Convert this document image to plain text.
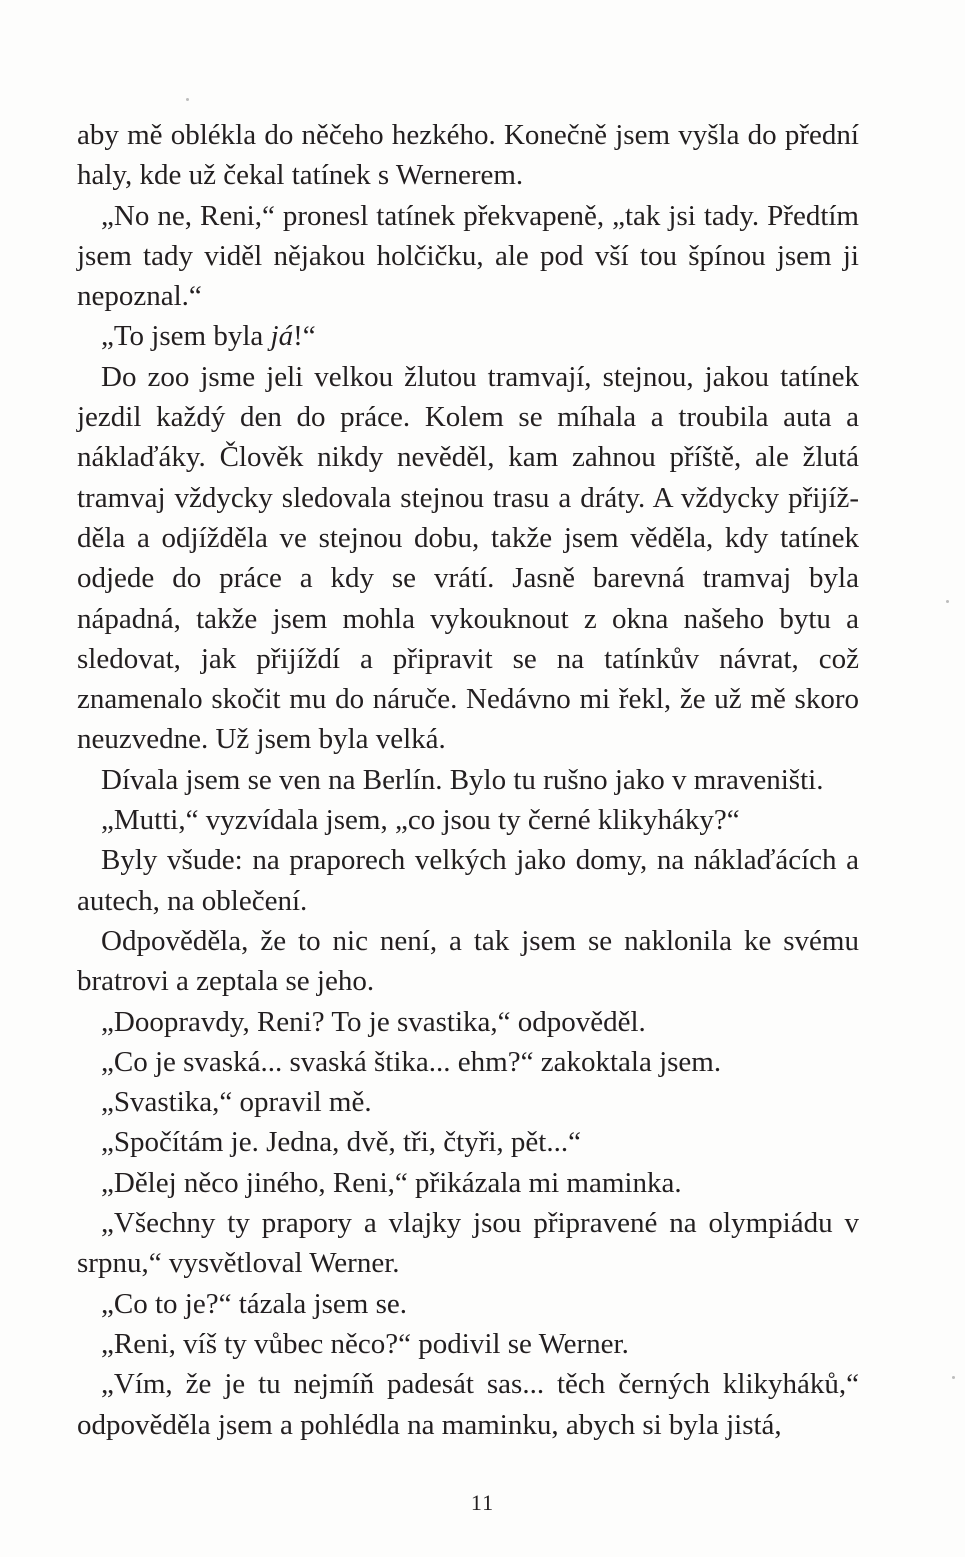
aby mě oblékla do něčeho hezkého. Konečně jsem vyšla do přední haly, kde už čekal tatínek s Wernerem.

„No ne, Reni,“ pronesl tatínek překvapeně, „tak jsi tady. Předtím jsem tady viděl nějakou holčičku, ale pod vší tou špínou jsem ji nepoznal.“

„To jsem byla já!“

Do zoo jsme jeli velkou žlutou tramvají, stejnou, jakou tatínek jezdil každý den do práce. Kolem se míhala a troubila auta a náklaďáky. Člověk nikdy nevěděl, kam zahnou příště, ale žlutá tramvaj vždycky sledovala stejnou trasu a dráty. A vždycky přijížděla a odjížděla ve stejnou dobu, takže jsem věděla, kdy tatínek odjede do práce a kdy se vrátí. Jasně barevná tramvaj byla nápadná, takže jsem mohla vykouknout z okna našeho bytu a sledovat, jak přijíždí a připravit se na tatínkův návrat, což znamenalo skočit mu do náruče. Nedávno mi řekl, že už mě skoro neuzvedne. Už jsem byla velká.

Dívala jsem se ven na Berlín. Bylo tu rušno jako v mraveništi.

„Mutti,“ vyzvídala jsem, „co jsou ty černé klikyháky?“

Byly všude: na praporech velkých jako domy, na náklaďácích a autech, na oblečení.

Odpověděla, že to nic není, a tak jsem se naklonila ke svému bratrovi a zeptala se jeho.

„Doopravdy, Reni? To je svastika,“ odpověděl.

„Co je svaská... svaská štika... ehm?“ zakoktala jsem.

„Svastika,“ opravil mě.

„Spočítám je. Jedna, dvě, tři, čtyři, pět...“

„Dělej něco jiného, Reni,“ přikázala mi maminka.

„Všechny ty prapory a vlajky jsou připravené na olympiádu v srpnu,“ vysvětloval Werner.

„Co to je?“ tázala jsem se.

„Reni, víš ty vůbec něco?“ podivil se Werner.

„Vím, že je tu nejmíň padesát sas... těch černých klikyháků,“ odpověděla jsem a pohlédla na maminku, abych si byla jistá,

11
